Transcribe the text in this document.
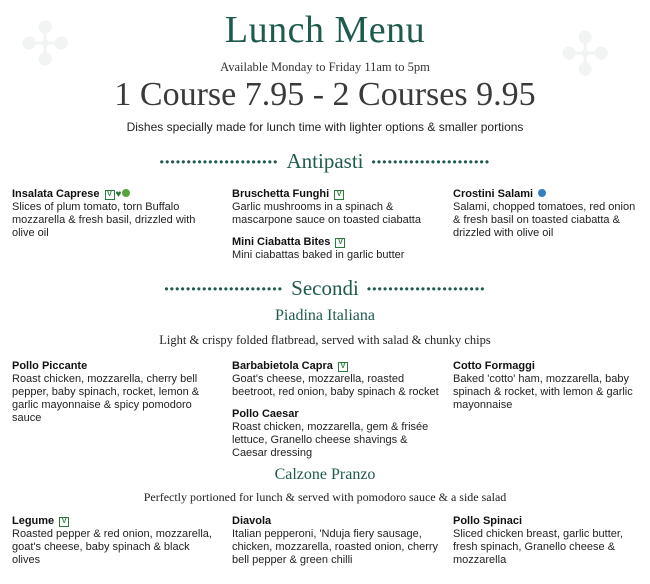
✣	✣
Lunch Menu
Available Monday to Friday 11am to 5pm
1 Course 7.95 - 2 Courses 9.95
Dishes specially made for lunch time with lighter options & smaller portions
•••••••••••••••••••••• Antipasti ••••••••••••••••••••••
Insalata Caprese V ♥
Slices of plum tomato, torn Buffalo mozzarella & fresh basil, drizzled with olive oil
Bruschetta Funghi V
Garlic mushrooms in a spinach & mascarpone sauce on toasted ciabatta
Mini Ciabatta Bites V
Mini ciabattas baked in garlic butter
Crostini Salami
Salami, chopped tomatoes, red onion & fresh basil on toasted ciabatta & drizzled with olive oil
•••••••••••••••••••••• Secondi ••••••••••••••••••••••
Piadina Italiana
Light & crispy folded flatbread, served with salad & chunky chips
Pollo Piccante
Roast chicken, mozzarella, cherry bell pepper, baby spinach, rocket, lemon & garlic mayonnaise & spicy pomodoro sauce
Barbabietola Capra V
Goat's cheese, mozzarella, roasted beetroot, red onion, baby spinach & rocket
Pollo Caesar
Roast chicken, mozzarella, gem & frisée lettuce, Granello cheese shavings & Caesar dressing
Cotto Formaggi
Baked 'cotto' ham, mozzarella, baby spinach & rocket, with lemon & garlic mayonnaise
Calzone Pranzo
Perfectly portioned for lunch & served with pomodoro sauce & a side salad
Legume V
Roasted pepper & red onion, mozzarella, goat's cheese, baby spinach & black olives
Diavola
Italian pepperoni, 'Nduja fiery sausage, chicken, mozzarella, roasted onion, cherry bell pepper & green chilli
Pollo Spinaci
Sliced chicken breast, garlic butter, fresh spinach, Granello cheese & mozzarella
